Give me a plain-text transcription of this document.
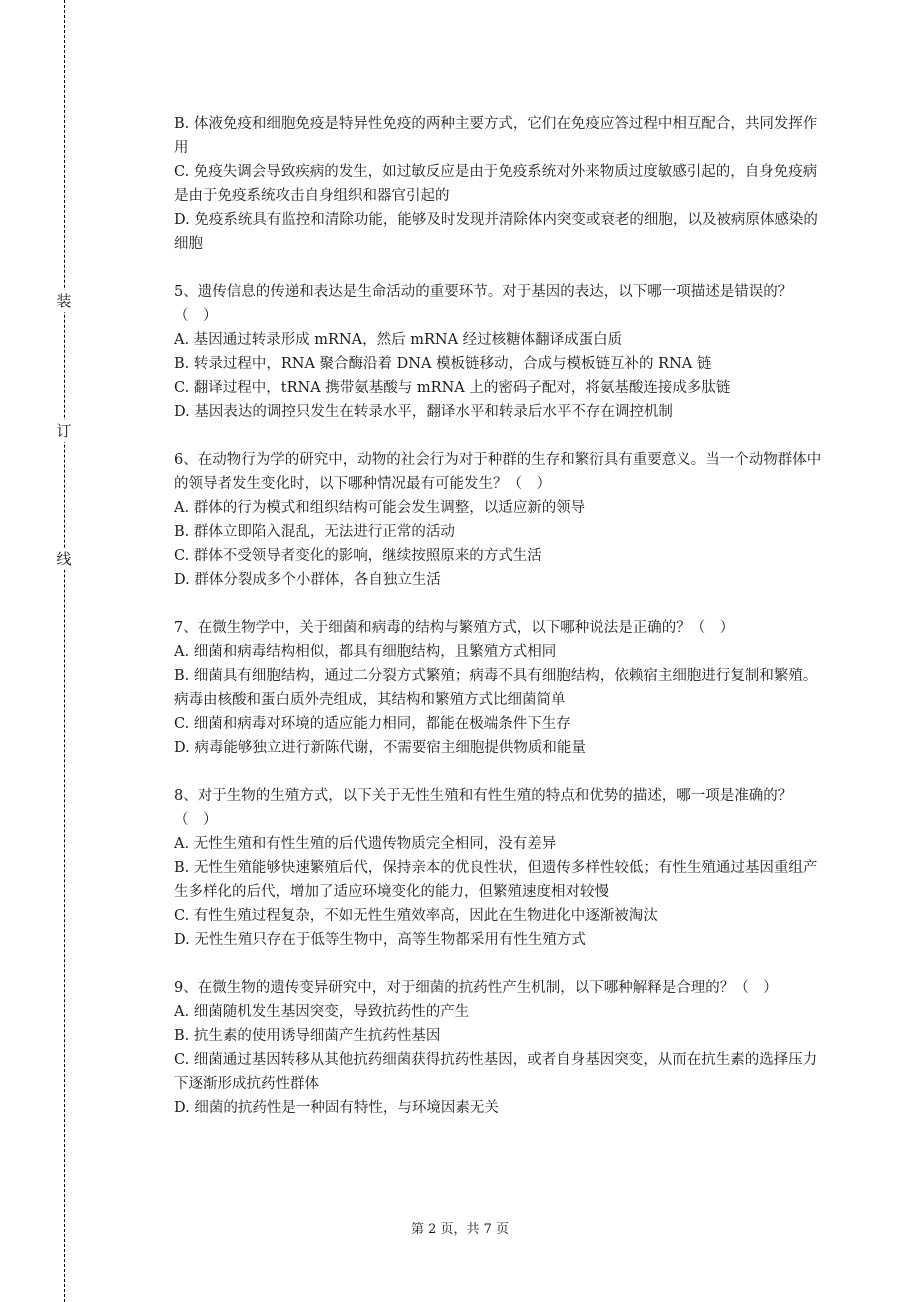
装
订
线
B. 体液免疫和细胞免疫是特异性免疫的两种主要方式，它们在免疫应答过程中相互配合，共同发挥作用
C. 免疫失调会导致疾病的发生，如过敏反应是由于免疫系统对外来物质过度敏感引起的，自身免疫病是由于免疫系统攻击自身组织和器官引起的
D. 免疫系统具有监控和清除功能，能够及时发现并清除体内突变或衰老的细胞，以及被病原体感染的细胞
5、遗传信息的传递和表达是生命活动的重要环节。对于基因的表达，以下哪一项描述是错误的？（　）
A. 基因通过转录形成 mRNA，然后 mRNA 经过核糖体翻译成蛋白质
B. 转录过程中，RNA 聚合酶沿着 DNA 模板链移动，合成与模板链互补的 RNA 链
C. 翻译过程中，tRNA 携带氨基酸与 mRNA 上的密码子配对，将氨基酸连接成多肽链
D. 基因表达的调控只发生在转录水平，翻译水平和转录后水平不存在调控机制
6、在动物行为学的研究中，动物的社会行为对于种群的生存和繁衍具有重要意义。当一个动物群体中的领导者发生变化时，以下哪种情况最有可能发生？（　）
A. 群体的行为模式和组织结构可能会发生调整，以适应新的领导
B. 群体立即陷入混乱，无法进行正常的活动
C. 群体不受领导者变化的影响，继续按照原来的方式生活
D. 群体分裂成多个小群体，各自独立生活
7、在微生物学中，关于细菌和病毒的结构与繁殖方式，以下哪种说法是正确的？（　）
A. 细菌和病毒结构相似，都具有细胞结构，且繁殖方式相同
B. 细菌具有细胞结构，通过二分裂方式繁殖；病毒不具有细胞结构，依赖宿主细胞进行复制和繁殖。病毒由核酸和蛋白质外壳组成，其结构和繁殖方式比细菌简单
C. 细菌和病毒对环境的适应能力相同，都能在极端条件下生存
D. 病毒能够独立进行新陈代谢，不需要宿主细胞提供物质和能量
8、对于生物的生殖方式，以下关于无性生殖和有性生殖的特点和优势的描述，哪一项是准确的？（　）
A. 无性生殖和有性生殖的后代遗传物质完全相同，没有差异
B. 无性生殖能够快速繁殖后代，保持亲本的优良性状，但遗传多样性较低；有性生殖通过基因重组产生多样化的后代，增加了适应环境变化的能力，但繁殖速度相对较慢
C. 有性生殖过程复杂，不如无性生殖效率高，因此在生物进化中逐渐被淘汰
D. 无性生殖只存在于低等生物中，高等生物都采用有性生殖方式
9、在微生物的遗传变异研究中，对于细菌的抗药性产生机制，以下哪种解释是合理的？（　）
A. 细菌随机发生基因突变，导致抗药性的产生
B. 抗生素的使用诱导细菌产生抗药性基因
C. 细菌通过基因转移从其他抗药细菌获得抗药性基因，或者自身基因突变，从而在抗生素的选择压力下逐渐形成抗药性群体
D. 细菌的抗药性是一种固有特性，与环境因素无关
第 2 页，共 7 页
